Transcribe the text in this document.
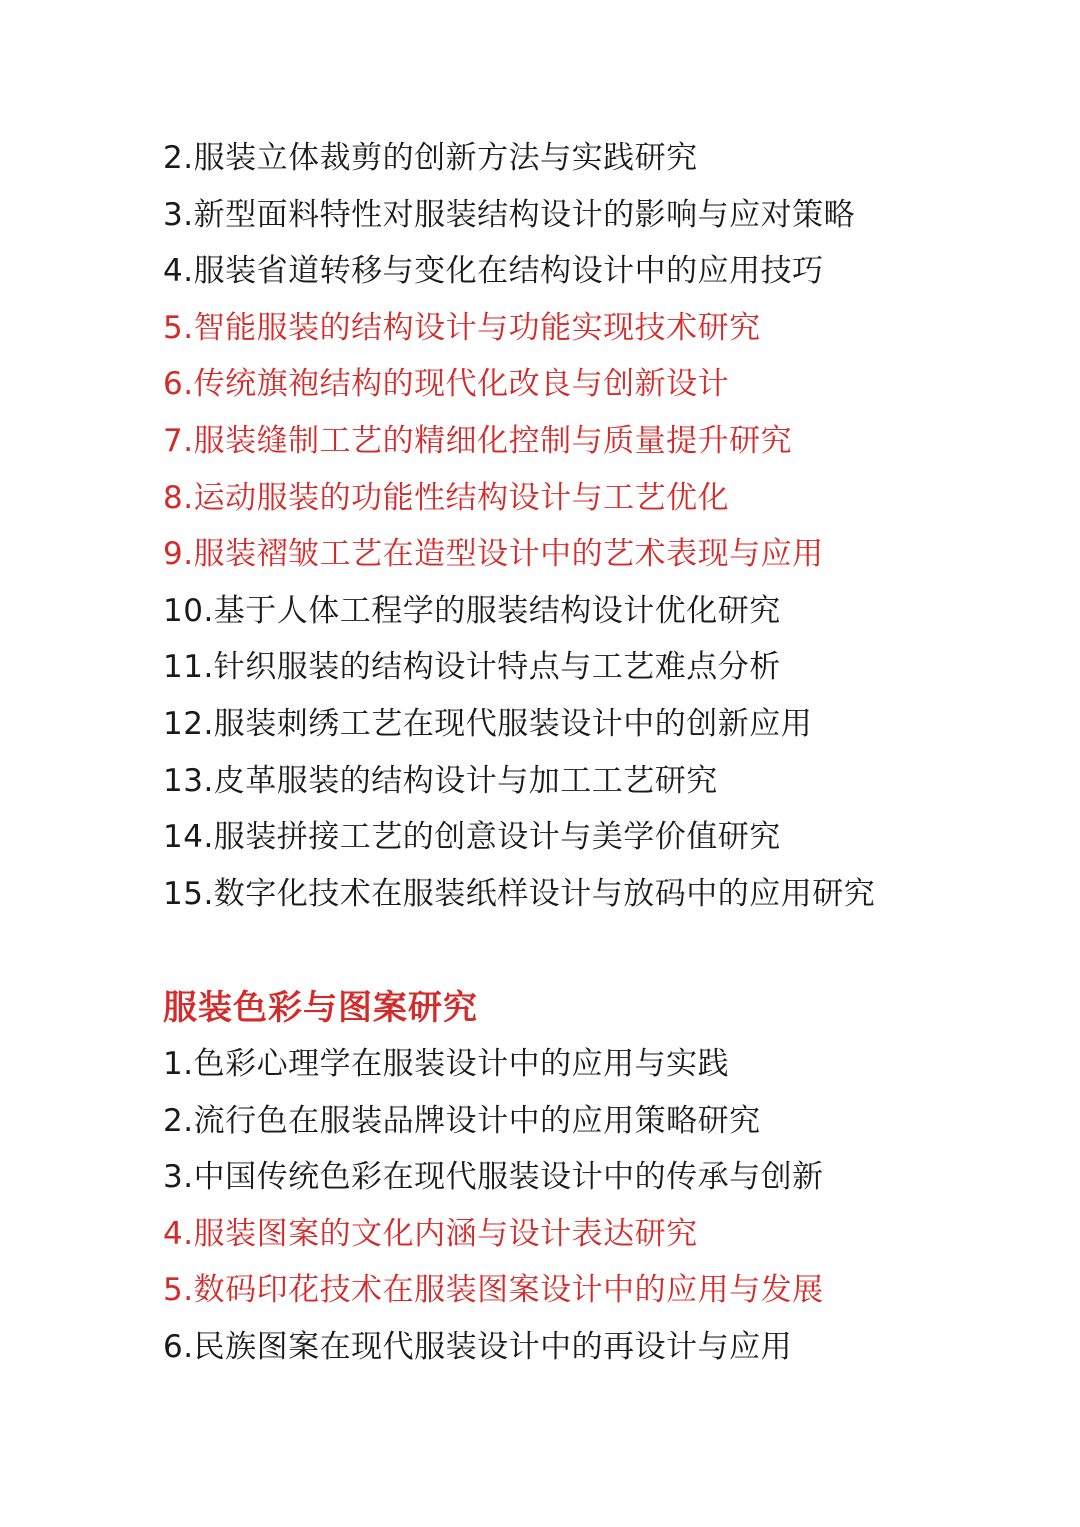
2.服装立体裁剪的创新方法与实践研究
3.新型面料特性对服装结构设计的影响与应对策略
4.服装省道转移与变化在结构设计中的应用技巧
5.智能服装的结构设计与功能实现技术研究
6.传统旗袍结构的现代化改良与创新设计
7.服装缝制工艺的精细化控制与质量提升研究
8.运动服装的功能性结构设计与工艺优化
9.服装褶皱工艺在造型设计中的艺术表现与应用
10.基于人体工程学的服装结构设计优化研究
11.针织服装的结构设计特点与工艺难点分析
12.服装刺绣工艺在现代服装设计中的创新应用
13.皮革服装的结构设计与加工工艺研究
14.服装拼接工艺的创意设计与美学价值研究
15.数字化技术在服装纸样设计与放码中的应用研究
服装色彩与图案研究
1.色彩心理学在服装设计中的应用与实践
2.流行色在服装品牌设计中的应用策略研究
3.中国传统色彩在现代服装设计中的传承与创新
4.服装图案的文化内涵与设计表达研究
5.数码印花技术在服装图案设计中的应用与发展
6.民族图案在现代服装设计中的再设计与应用
